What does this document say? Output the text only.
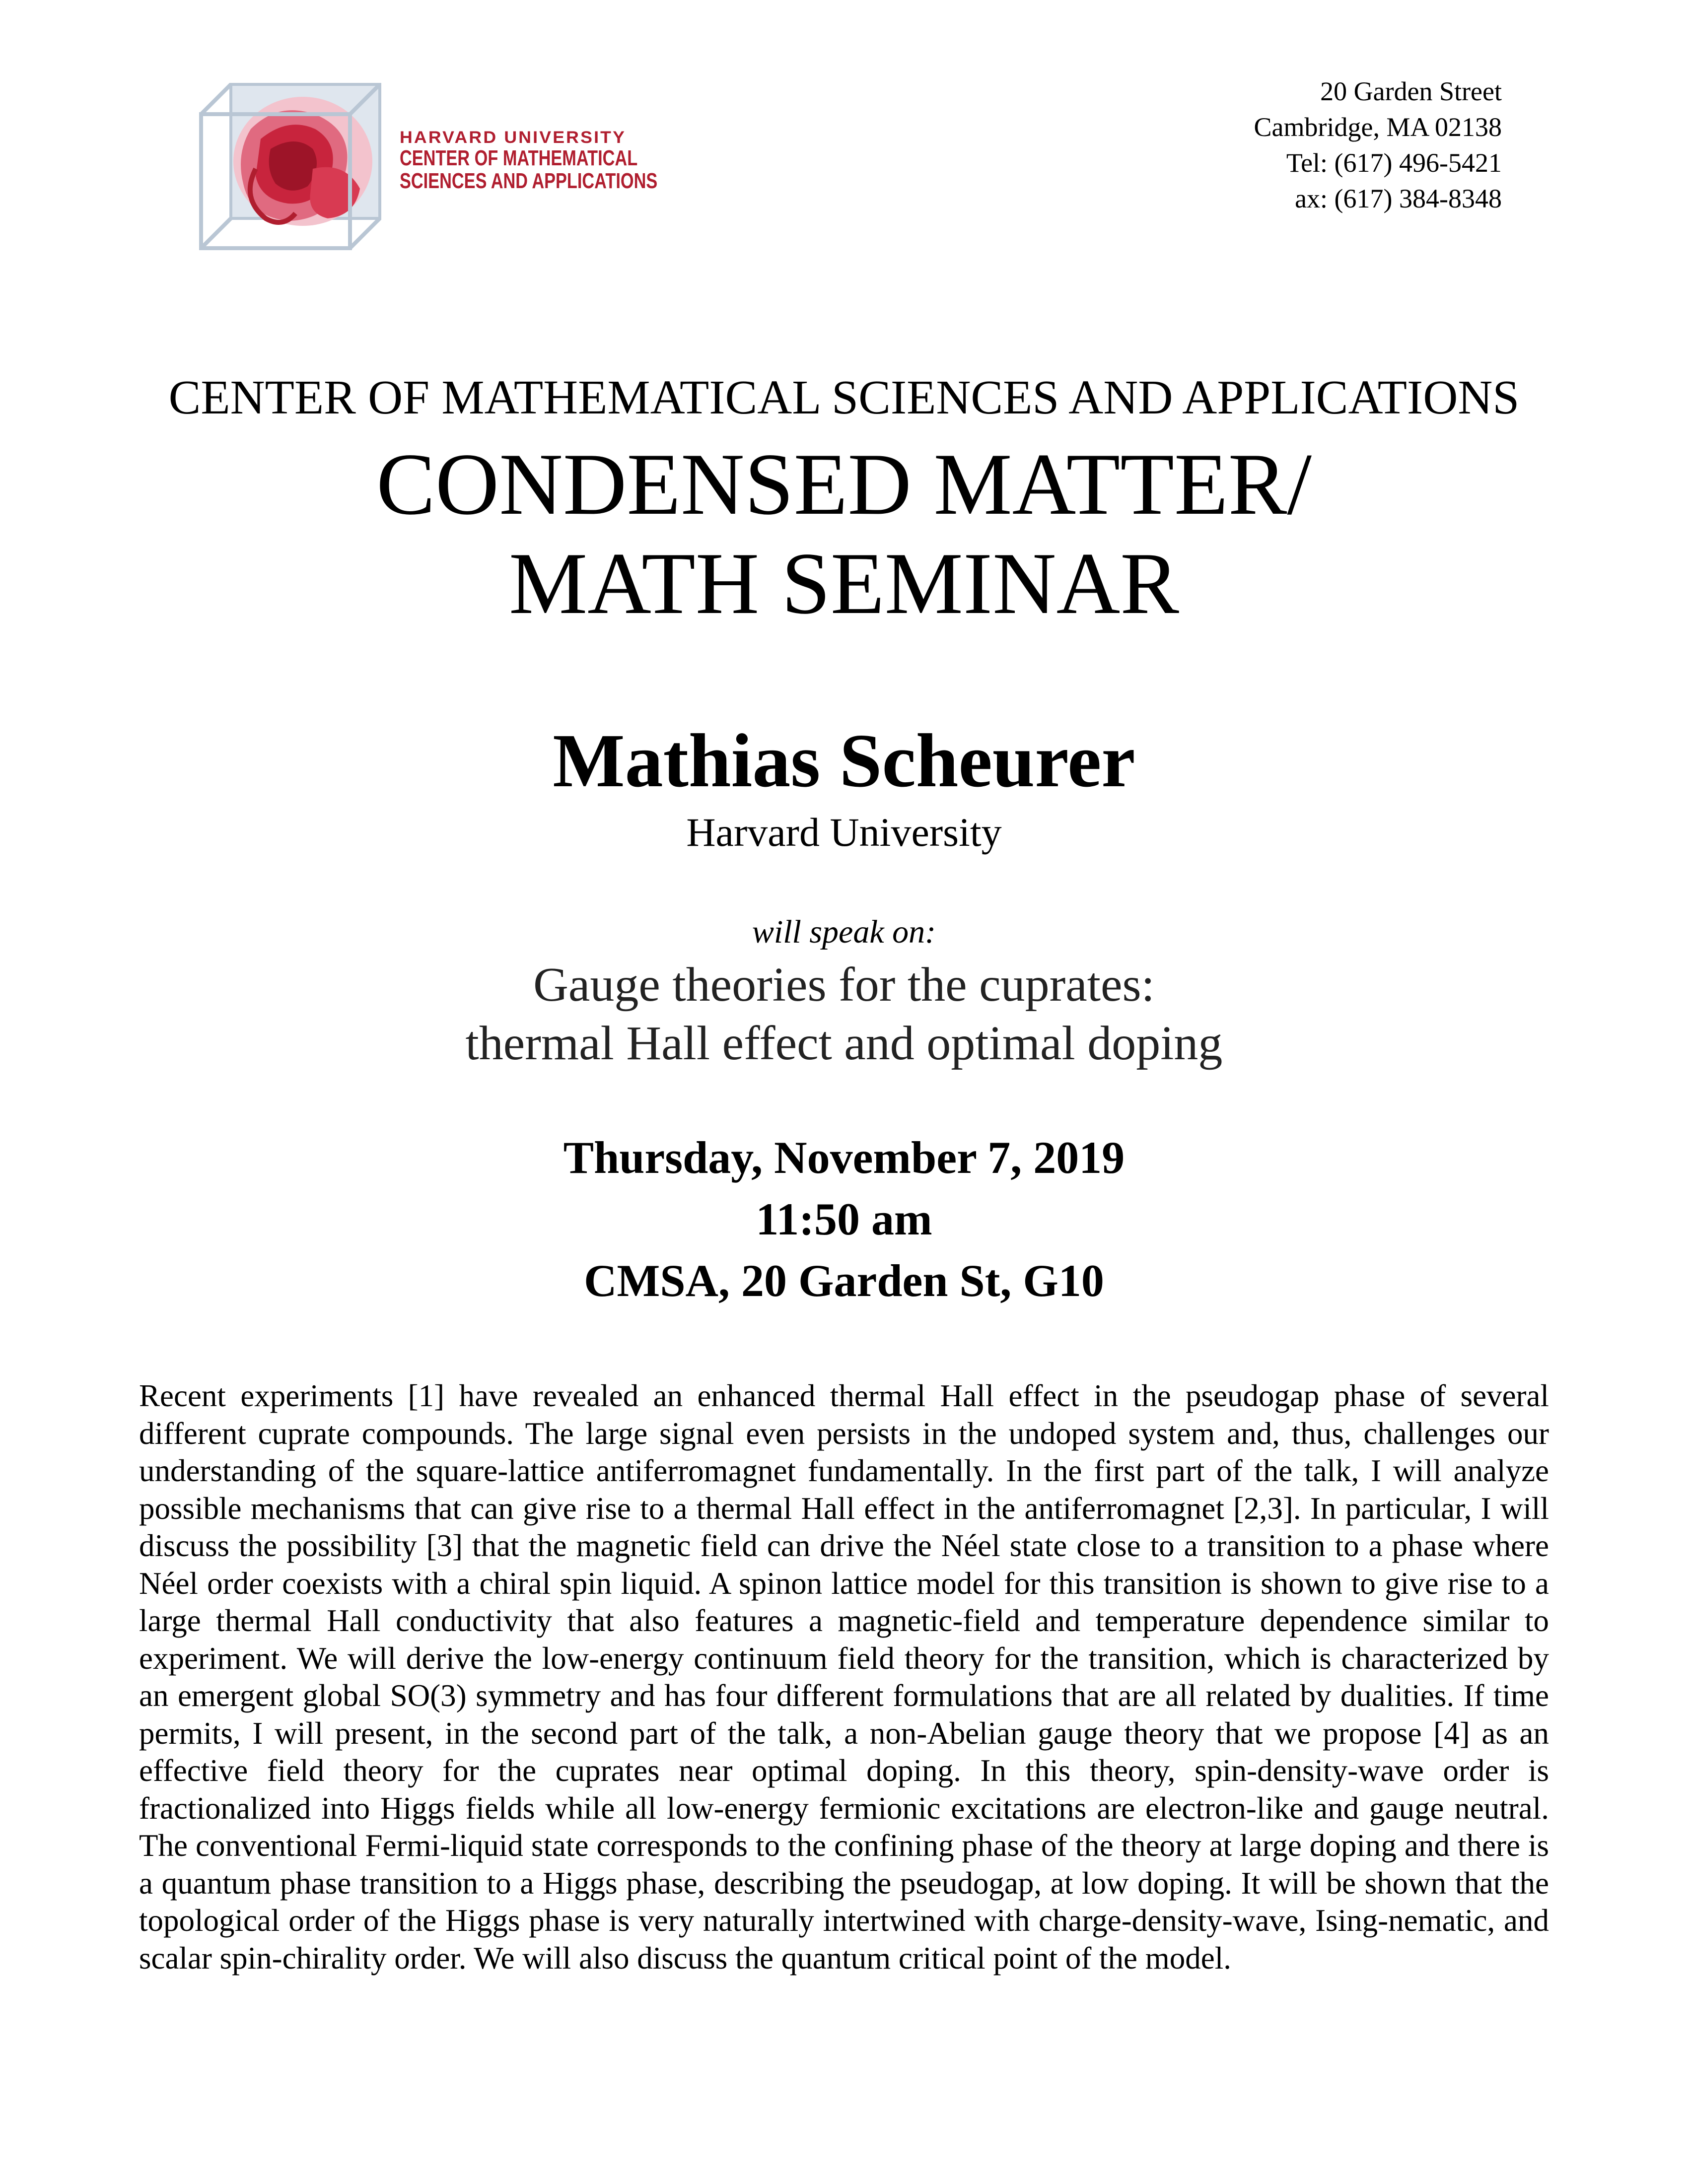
HARVARD UNIVERSITY
CENTER OF MATHEMATICAL
SCIENCES AND APPLICATIONS
20 Garden Street
Cambridge, MA 02138
Tel: (617) 496-5421
ax: (617) 384-8348
CENTER OF MATHEMATICAL SCIENCES AND APPLICATIONS
CONDENSED MATTER/
MATH SEMINAR
Mathias Scheurer
Harvard University
will speak on:
Gauge theories for the cuprates:
thermal Hall effect and optimal doping
Thursday, November 7, 2019
11:50 am
CMSA, 20 Garden St, G10
Recent experiments [1] have revealed an enhanced thermal Hall effect in the pseudogap phase of several different cuprate compounds. The large signal even persists in the undoped system and, thus, challenges our understanding of the square-lattice antiferromagnet fundamentally. In the first part of the talk, I will analyze possible mechanisms that can give rise to a thermal Hall effect in the antiferromagnet [2,3]. In particular, I will discuss the possibility [3] that the magnetic field can drive the Néel state close to a transition to a phase where Néel order coexists with a chiral spin liquid. A spinon lattice model for this transition is shown to give rise to a large thermal Hall conductivity that also features a magnetic-field and temperature dependence similar to experiment. We will derive the low-energy continuum field theory for the transition, which is characterized by an emergent global SO(3) symmetry and has four different formulations that are all related by dualities. If time permits, I will present, in the second part of the talk, a non-Abelian gauge theory that we propose [4] as an effective field theory for the cuprates near optimal doping. In this theory, spin-density-wave order is fractionalized into Higgs fields while all low-energy fermionic excitations are electron-like and gauge neutral. The conventional Fermi-liquid state corresponds to the confining phase of the theory at large doping and there is a quantum phase transition to a Higgs phase, describing the pseudogap, at low doping. It will be shown that the topological order of the Higgs phase is very naturally intertwined with charge-density-wave, Ising-nematic, and scalar spin-chirality order. We will also discuss the quantum critical point of the model.
